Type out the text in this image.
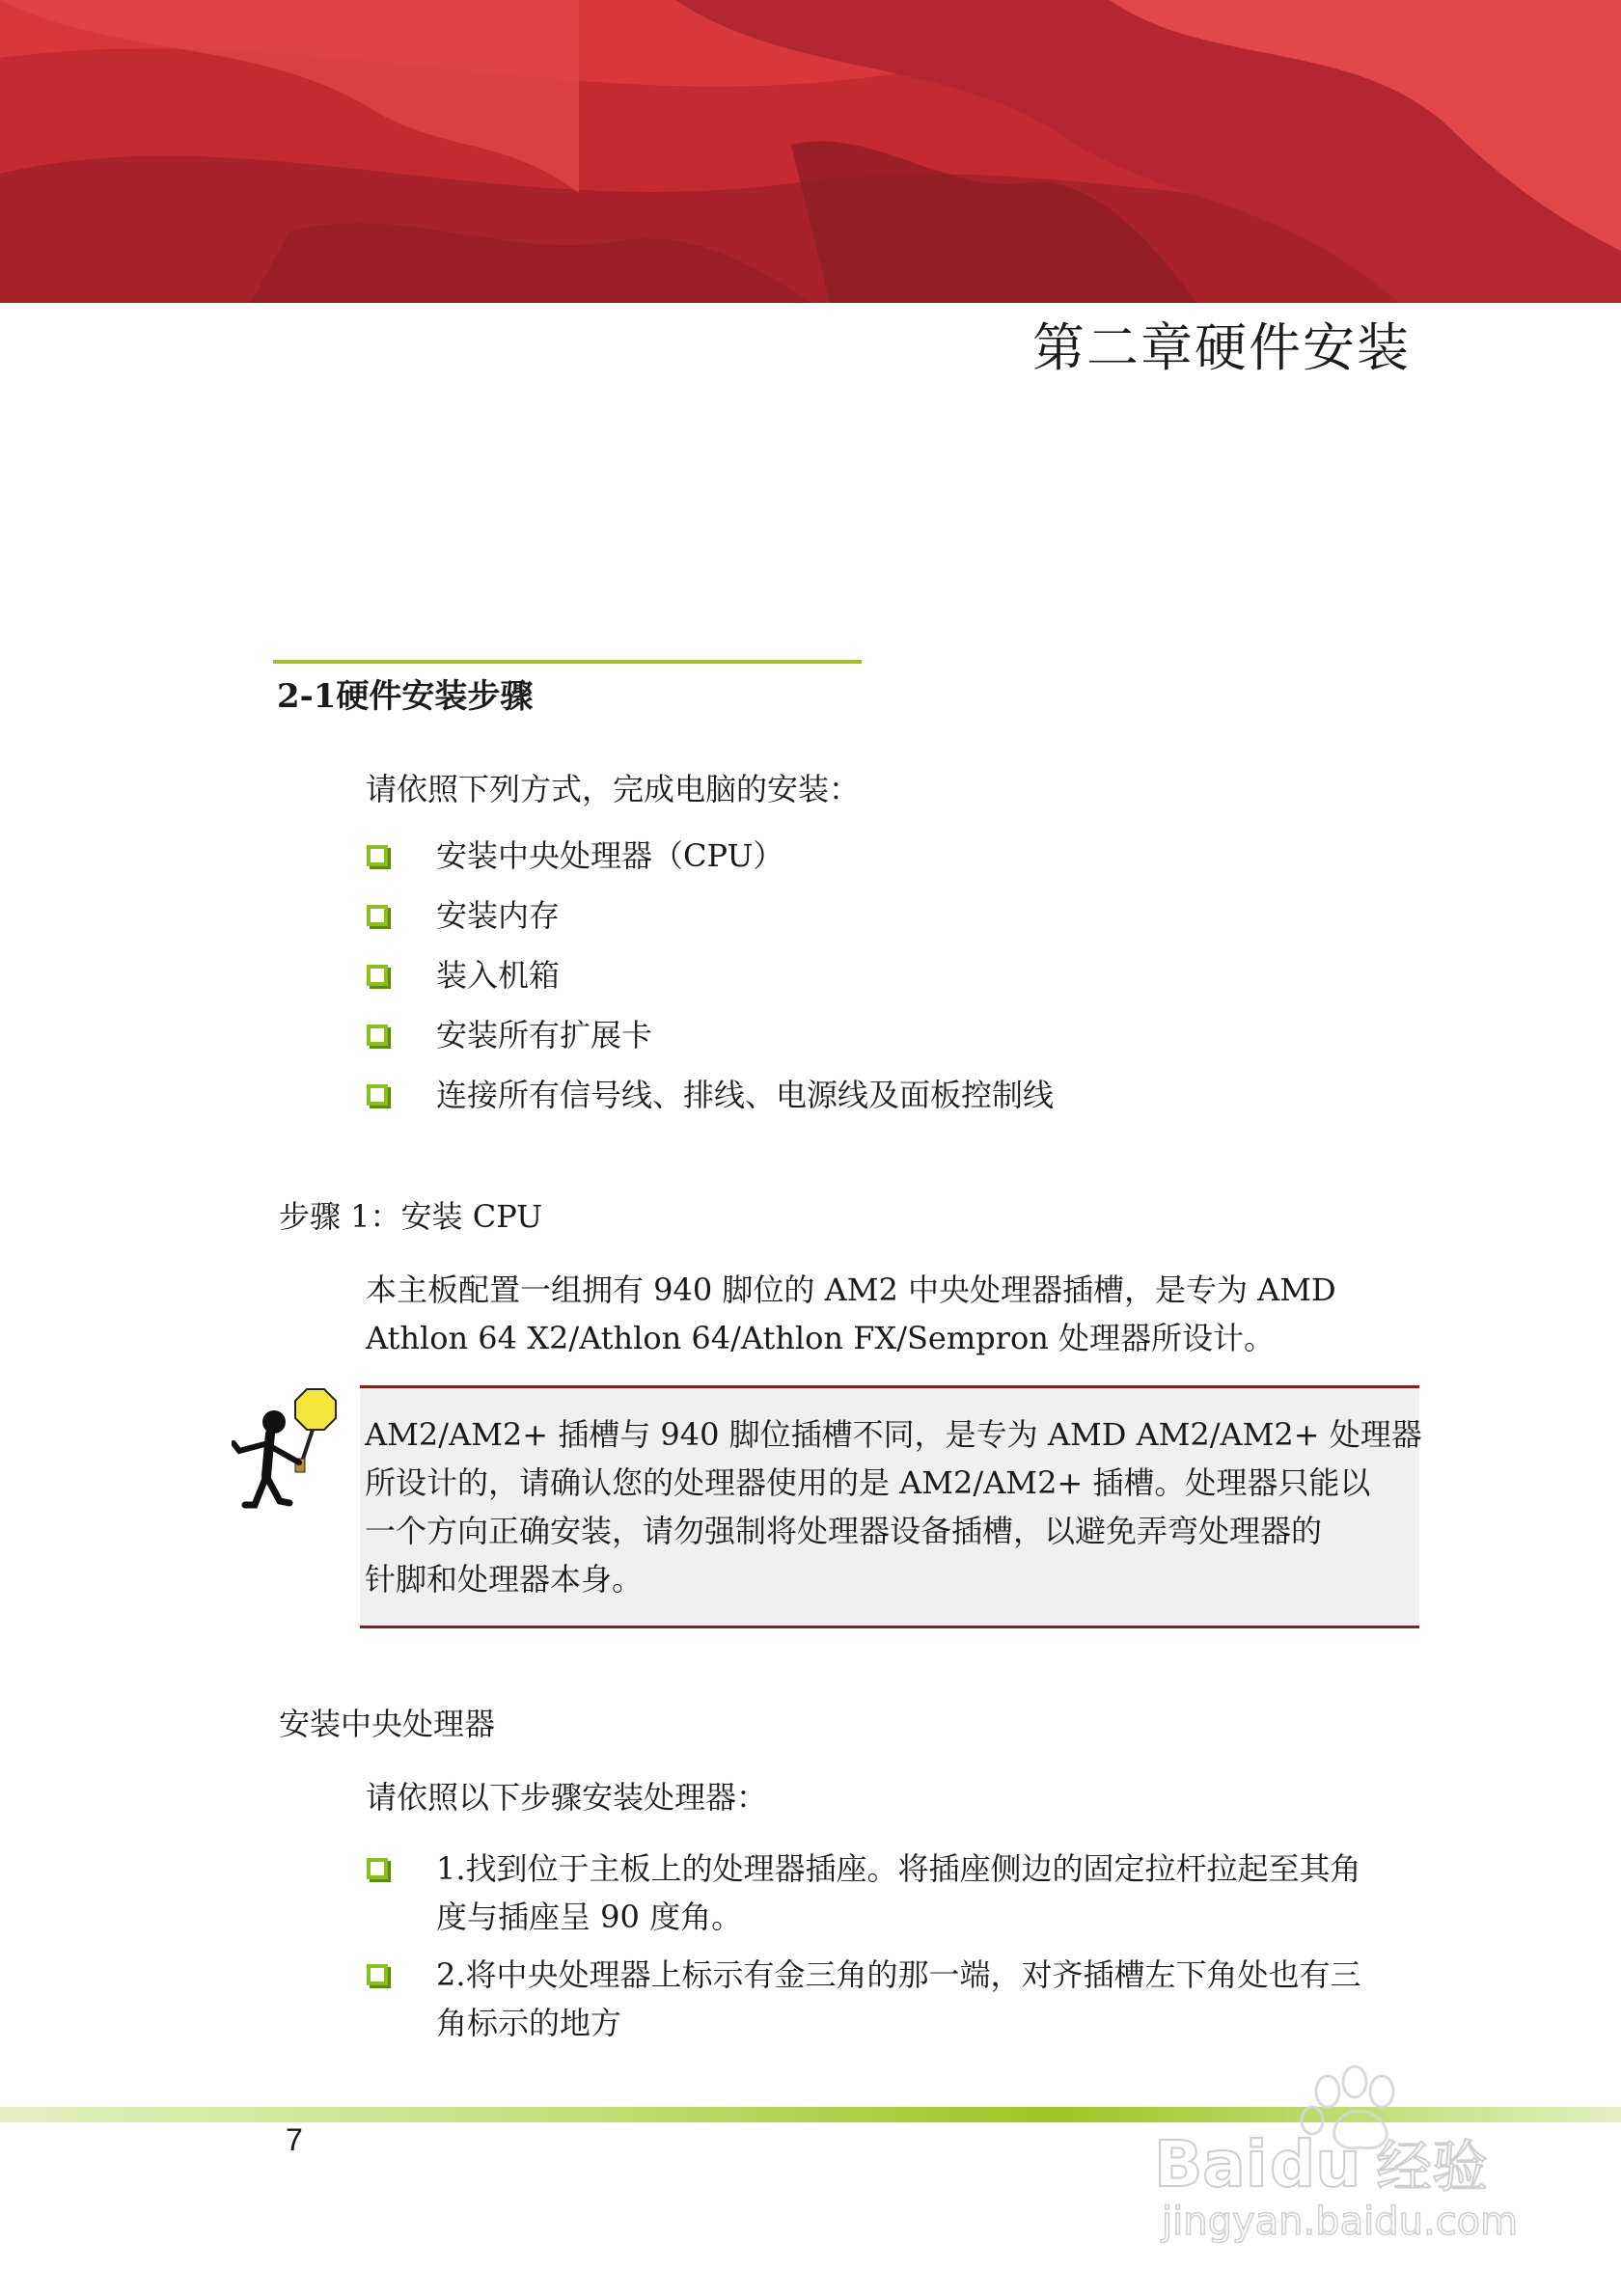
第二章硬件安装
2-1硬件安装步骤
请依照下列方式，完成电脑的安装：
安装中央处理器（CPU）
安装内存
装入机箱
安装所有扩展卡
连接所有信号线、排线、电源线及面板控制线
步骤 1：安装 CPU
本主板配置一组拥有 940 脚位的 AM2 中央处理器插槽，是专为 AMD
Athlon 64 X2/Athlon 64/Athlon FX/Sempron 处理器所设计。
AM2/AM2+ 插槽与 940 脚位插槽不同，是专为 AMD AM2/AM2+ 处理器
所设计的，请确认您的处理器使用的是 AM2/AM2+ 插槽。处理器只能以
一个方向正确安装，请勿强制将处理器设备插槽，以避免弄弯处理器的
针脚和处理器本身。
安装中央处理器
请依照以下步骤安装处理器：
1.找到位于主板上的处理器插座。将插座侧边的固定拉杆拉起至其角
度与插座呈 90 度角。
2.将中央处理器上标示有金三角的那一端，对齐插槽左下角处也有三
角标示的地方
7	Bai du 经验
jingyan.baidu.com
